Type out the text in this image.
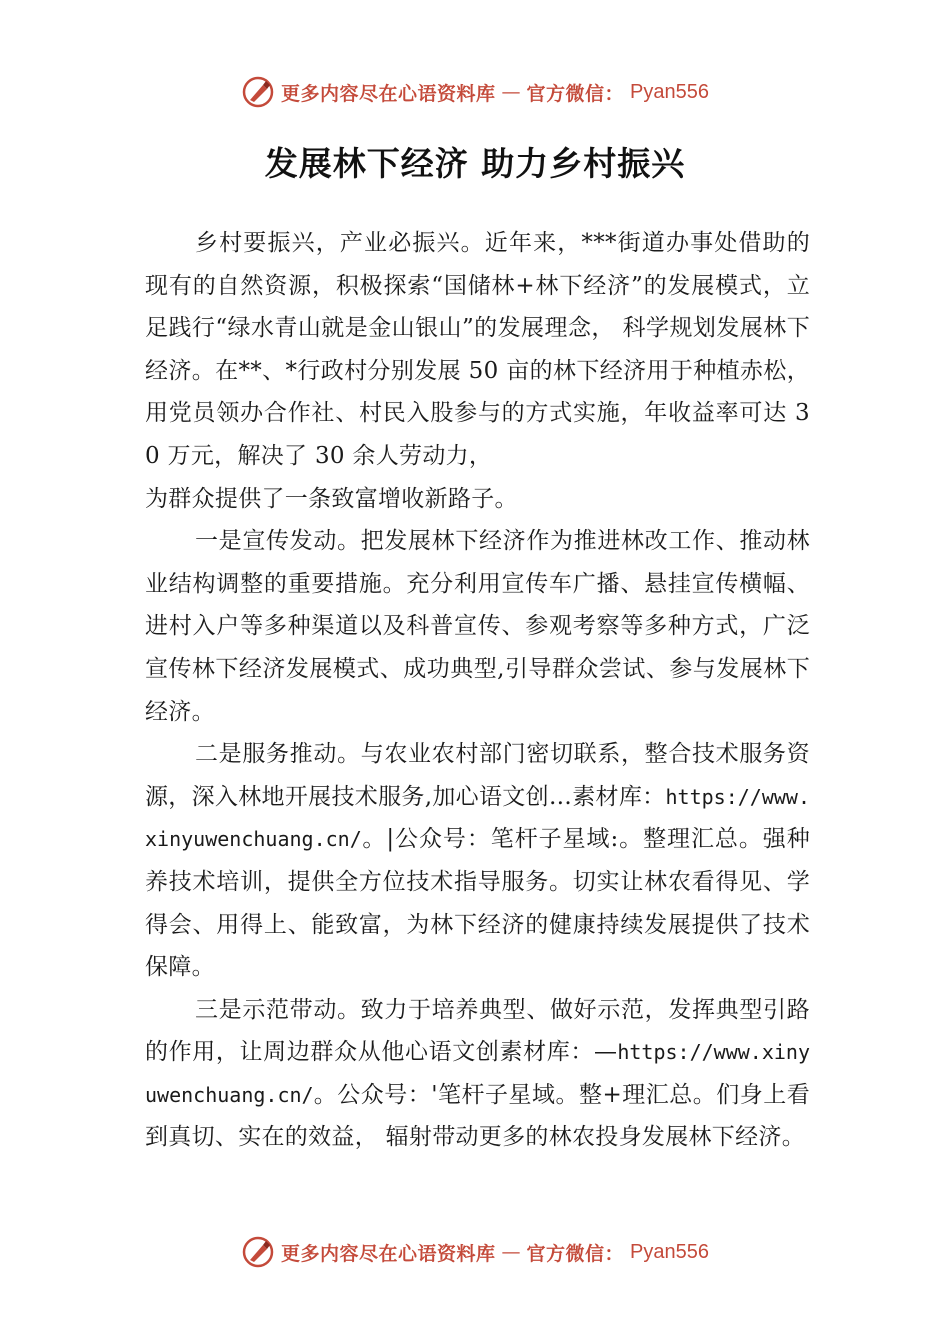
更多内容尽在心语资料库 — 官方微信： Pyan556
发展林下经济 助力乡村振兴

乡村要振兴，产业必振兴。近年来，***街道办事处借助的现有的自然资源，积极探索“国储林+林下经济”的发展模式，立足践行“绿水青山就是金山银山”的发展理念， 科学规划发展林下经济。在**、*行政村分别发展 50 亩的林下经济用于种植赤松，用党员领办合作社、村民入股参与的方式实施，年收益率可达 30 万元，解决了 30 余人劳动力，
为群众提供了一条致富增收新路子。

一是宣传发动。把发展林下经济作为推进林改工作、推动林业结构调整的重要措施。充分利用宣传车广播、悬挂宣传横幅、进村入户等多种渠道以及科普宣传、参观考察等多种方式，广泛宣传林下经济发展模式、成功典型,引导群众尝试、参与发展林下经济。

二是服务推动。与农业农村部门密切联系，整合技术服务资源，深入林地开展技术服务,加心语文创…素材库：https://www.xinyuwenchuang.cn/。|公众号：笔杆子星域:。整理汇总。强种养技术培训，提供全方位技术指导服务。切实让林农看得见、学得会、用得上、能致富，为林下经济的健康持续发展提供了技术保障。

三是示范带动。致力于培养典型、做好示范，发挥典型引路的作用，让周边群众从他心语文创素材库：—https://www.xinyuwenchuang.cn/。公众号：'笔杆子星域。整+理汇总。们身上看到真切、实在的效益， 辐射带动更多的林农投身发展林下经济。

更多内容尽在心语资料库 — 官方微信： Pyan556
